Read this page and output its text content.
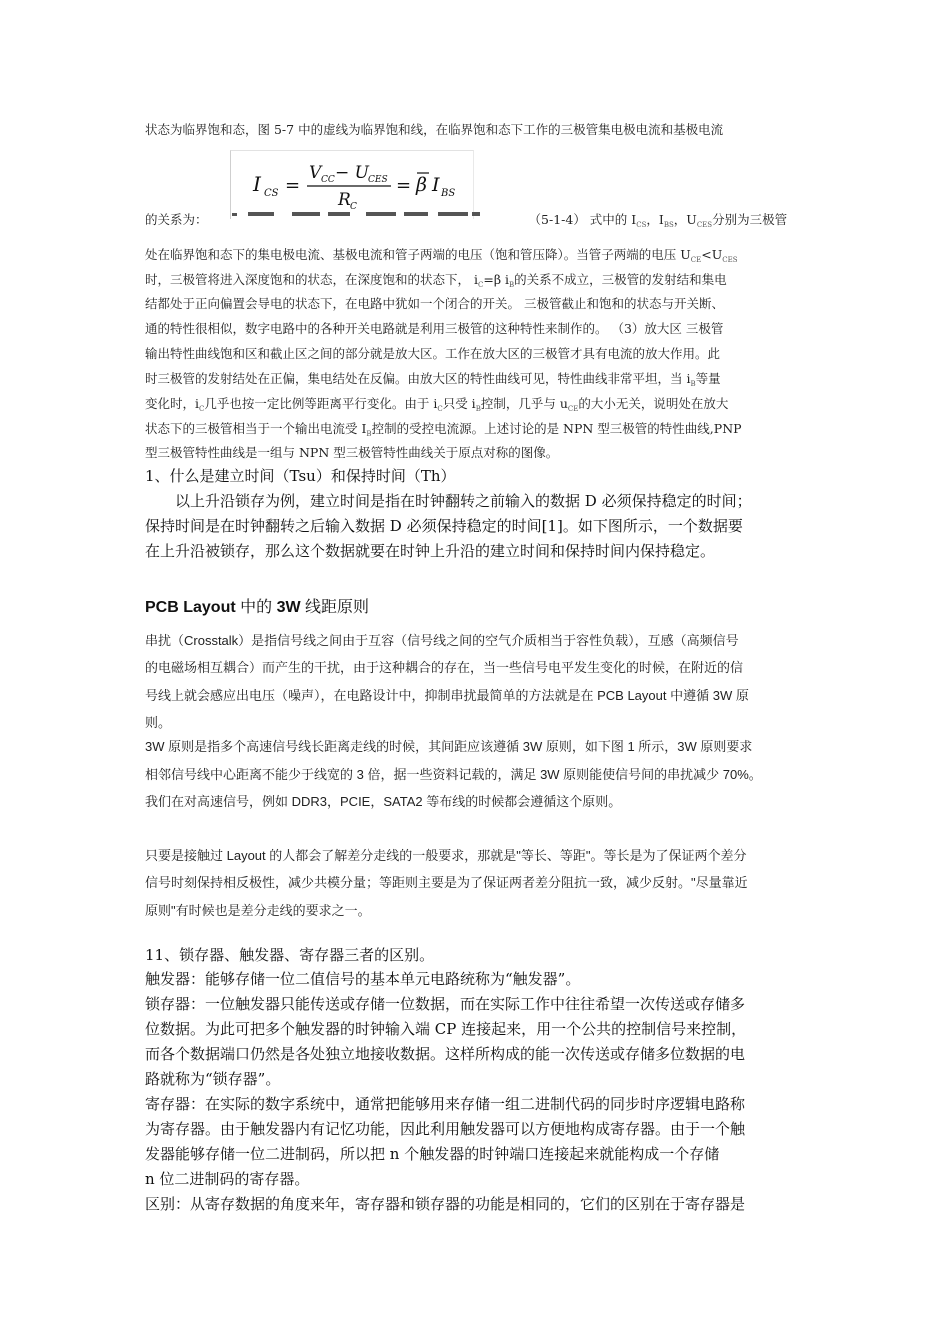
状态为临界饱和态，图 5-7 中的虚线为临界饱和线，在临界饱和态下工作的三极管集电极电流和基极电流

I CS =
V CC − U CES
R C
= β I BS

的关系为：	（5-1-4） 式中的 $I_{CS}$，$I_{BS}$，$U_{CES}$分别为三极管

处在临界饱和态下的集电极电流、基极电流和管子两端的电压（饱和管压降）。当管子两端的电压 $U_{CE}<U_{CES}$

时，三极管将进入深度饱和的状态，在深度饱和的状态下， $i_C=\beta$ $i_B$的关系不成立，三极管的发射结和集电

结都处于正向偏置会导电的状态下，在电路中犹如一个闭合的开关。 三极管截止和饱和的状态与开关断、

通的特性很相似，数字电路中的各种开关电路就是利用三极管的这种特性来制作的。 （3）放大区 三极管

输出特性曲线饱和区和截止区之间的部分就是放大区。工作在放大区的三极管才具有电流的放大作用。此

时三极管的发射结处在正偏，集电结处在反偏。由放大区的特性曲线可见，特性曲线非常平坦，当 $i_B$等量

变化时，$i_C$几乎也按一定比例等距离平行变化。由于 $i_C$只受 $i_B$控制，几乎与 $u_{CE}$的大小无关，说明处在放大

状态下的三极管相当于一个输出电流受 $I_B$控制的受控电流源。上述讨论的是 NPN 型三极管的特性曲线,PNP

型三极管特性曲线是一组与 NPN 型三极管特性曲线关于原点对称的图像。

1、什么是建立时间（Tsu）和保持时间（Th）

以上升沿锁存为例，建立时间是指在时钟翻转之前输入的数据 D 必须保持稳定的时间；

保持时间是在时钟翻转之后输入数据 D 必须保持稳定的时间[1]。如下图所示，一个数据要

在上升沿被锁存，那么这个数据就要在时钟上升沿的建立时间和保持时间内保持稳定。

PCB Layout 中的 3W 线距原则

串扰（Crosstalk）是指信号线之间由于互容（信号线之间的空气介质相当于容性负载），互感（高频信号

的电磁场相互耦合）而产生的干扰，由于这种耦合的存在，当一些信号电平发生变化的时候，在附近的信

号线上就会感应出电压（噪声），在电路设计中，抑制串扰最简单的方法就是在 PCB Layout 中遵循 3W 原

则。

3W 原则是指多个高速信号线长距离走线的时候，其间距应该遵循 3W 原则，如下图 1 所示，3W 原则要求

相邻信号线中心距离不能少于线宽的 3 倍，据一些资料记载的，满足 3W 原则能使信号间的串扰减少 70%。

我们在对高速信号，例如 DDR3，PCIE，SATA2 等布线的时候都会遵循这个原则。

只要是接触过 Layout 的人都会了解差分走线的一般要求，那就是"等长、等距"。等长是为了保证两个差分

信号时刻保持相反极性，减少共模分量；等距则主要是为了保证两者差分阻抗一致，减少反射。"尽量靠近

原则"有时候也是差分走线的要求之一。

11、锁存器、触发器、寄存器三者的区别。

触发器：能够存储一位二值信号的基本单元电路统称为“触发器”。

锁存器：一位触发器只能传送或存储一位数据，而在实际工作中往往希望一次传送或存储多

位数据。为此可把多个触发器的时钟输入端 CP 连接起来，用一个公共的控制信号来控制，

而各个数据端口仍然是各处独立地接收数据。这样所构成的能一次传送或存储多位数据的电

路就称为“锁存器”。

寄存器：在实际的数字系统中，通常把能够用来存储一组二进制代码的同步时序逻辑电路称

为寄存器。由于触发器内有记忆功能，因此利用触发器可以方便地构成寄存器。由于一个触

发器能够存储一位二进制码，所以把 n 个触发器的时钟端口连接起来就能构成一个存储

n 位二进制码的寄存器。

区别：从寄存数据的角度来年，寄存器和锁存器的功能是相同的，它们的区别在于寄存器是
